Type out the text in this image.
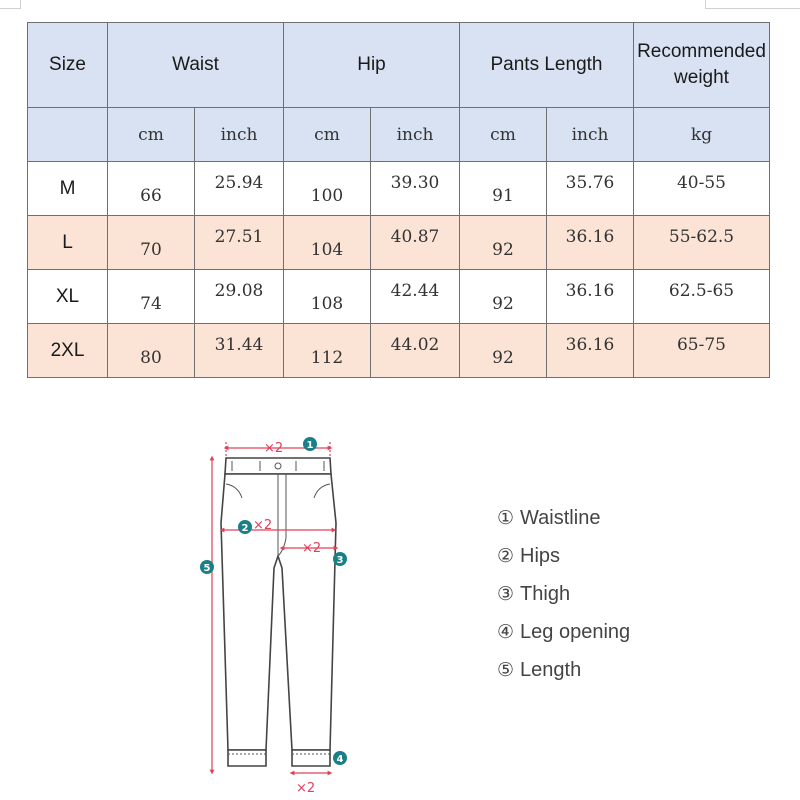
Size	Waist		Hip		Pants Length		Recommended
weight
	cm	inch	cm	inch	cm	inch	kg
M	66	25.94	100	39.30	91	35.76	40-55
L	70	27.51	104	40.87	92	36.16	55-62.5
XL	74	29.08	108	42.44	92	36.16	62.5-65
2XL	80	31.44	112	44.02	92	36.16	65-75
×2
×2
×2
×2
1
2
3
4
5
① Waistline
② Hips
③ Thigh
④ Leg opening
⑤ Length
